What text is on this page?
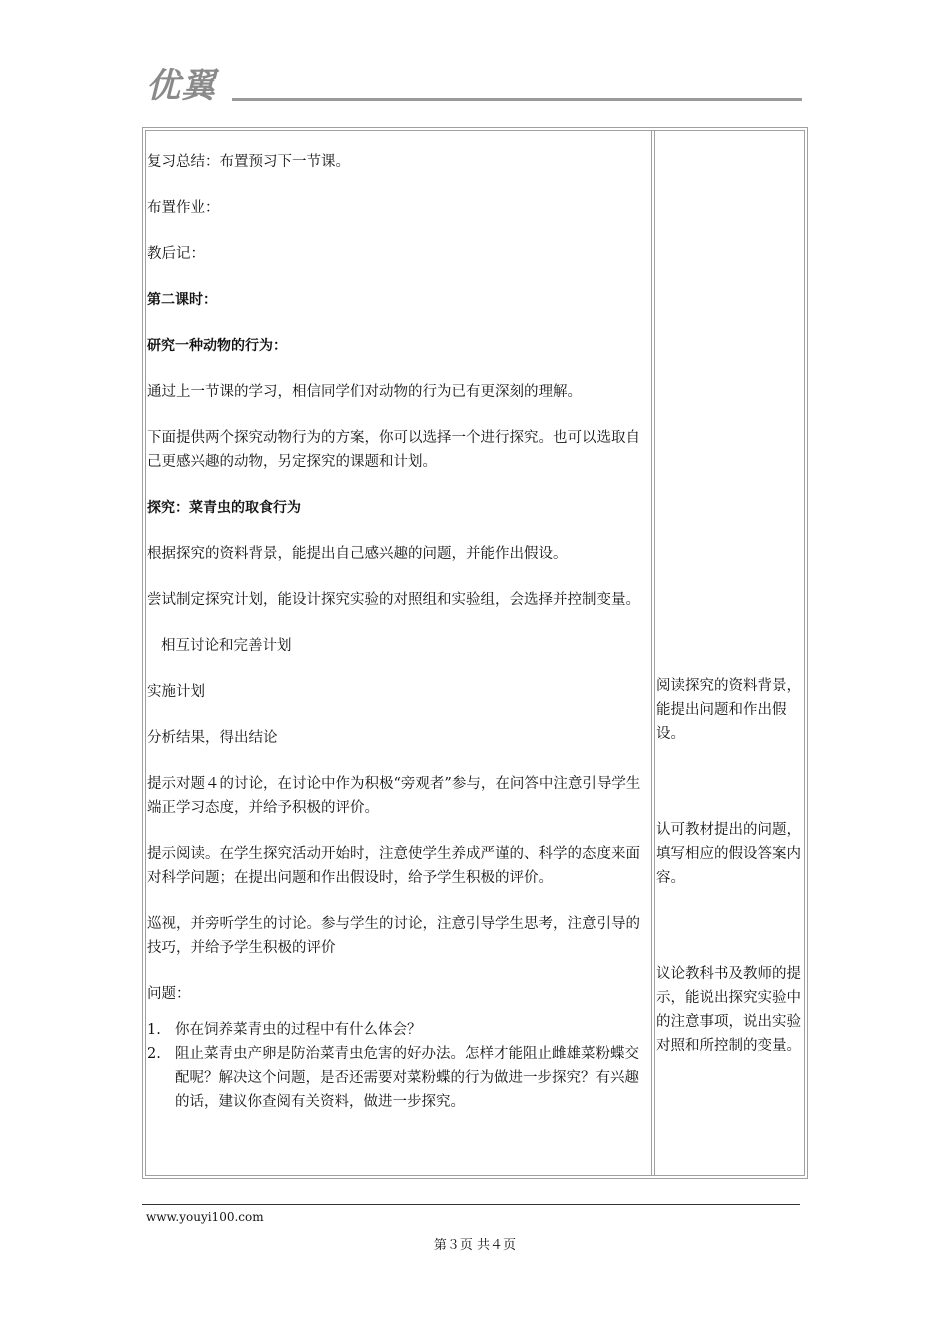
优翼

复习总结：布置预习下一节课。

布置作业：

教后记：

第二课时：

研究一种动物的行为：

通过上一节课的学习，相信同学们对动物的行为已有更深刻的理解。

下面提供两个探究动物行为的方案，你可以选择一个进行探究。也可以选取自己更感兴趣的动物，另定探究的课题和计划。

探究：菜青虫的取食行为

根据探究的资料背景，能提出自己感兴趣的问题，并能作出假设。

尝试制定探究计划，能设计探究实验的对照组和实验组，会选择并控制变量。

相互讨论和完善计划

实施计划

分析结果，得出结论

提示对题４的讨论，在讨论中作为积极“旁观者”参与，在问答中注意引导学生端正学习态度，并给予积极的评价。

提示阅读。在学生探究活动开始时，注意使学生养成严谨的、科学的态度来面对科学问题；在提出问题和作出假设时，给予学生积极的评价。

巡视，并旁听学生的讨论。参与学生的讨论，注意引导学生思考，注意引导的技巧，并给予学生积极的评价

问题：

1. 你在饲养菜青虫的过程中有什么体会？
2. 阻止菜青虫产卵是防治菜青虫危害的好办法。怎样才能阻止雌雄菜粉蝶交配呢？解决这个问题，是否还需要对菜粉蝶的行为做进一步探究？有兴趣的话，建议你查阅有关资料，做进一步探究。

阅读探究的资料背景，能提出问题和作出假设。

认可教材提出的问题，填写相应的假设答案内容。

议论教科书及教师的提示，能说出探究实验中的注意事项，说出实验对照和所控制的变量。

www.youyi100.com
第３页 共４页
